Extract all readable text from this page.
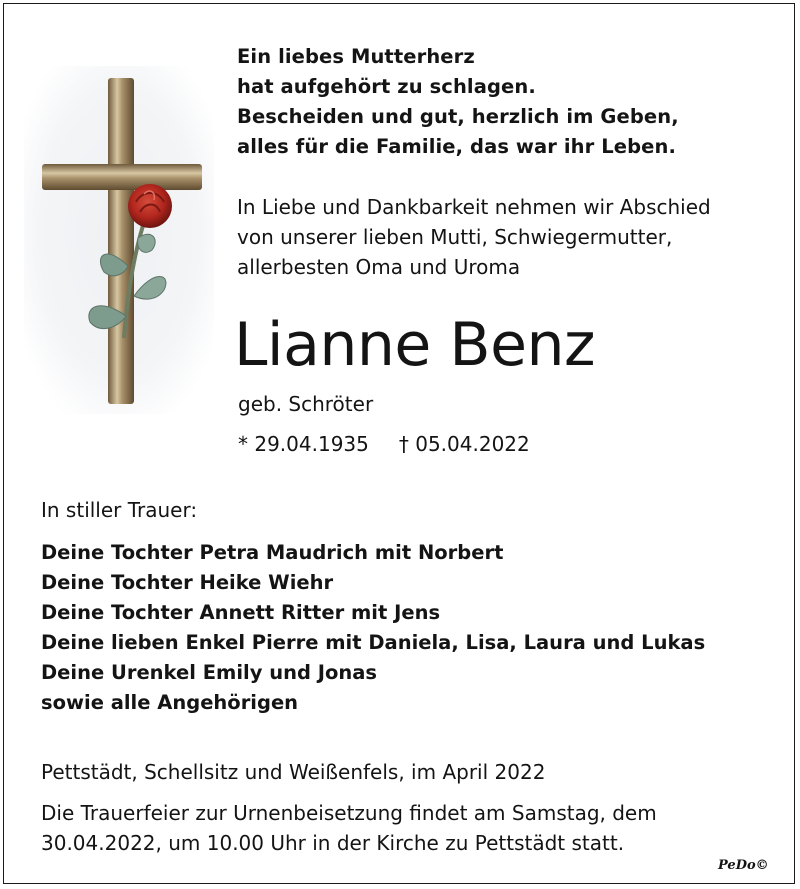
Ein liebes Mutterherz
hat aufgehört zu schlagen.
Bescheiden und gut, herzlich im Geben,
alles für die Familie, das war ihr Leben.

In Liebe und Dankbarkeit nehmen wir Abschied
von unserer lieben Mutti, Schwiegermutter,
allerbesten Oma und Uroma

Lianne Benz
geb. Schröter
* 29.04.1935 † 05.04.2022
In stiller Trauer:
Deine Tochter Petra Maudrich mit Norbert
Deine Tochter Heike Wiehr
Deine Tochter Annett Ritter mit Jens
Deine lieben Enkel Pierre mit Daniela, Lisa, Laura und Lukas
Deine Urenkel Emily und Jonas
sowie alle Angehörigen
Pettstädt, Schellsitz und Weißenfels, im April 2022

Die Trauerfeier zur Urnenbeisetzung findet am Samstag, dem
30.04.2022, um 10.00 Uhr in der Kirche zu Pettstädt statt.

PeDo©
